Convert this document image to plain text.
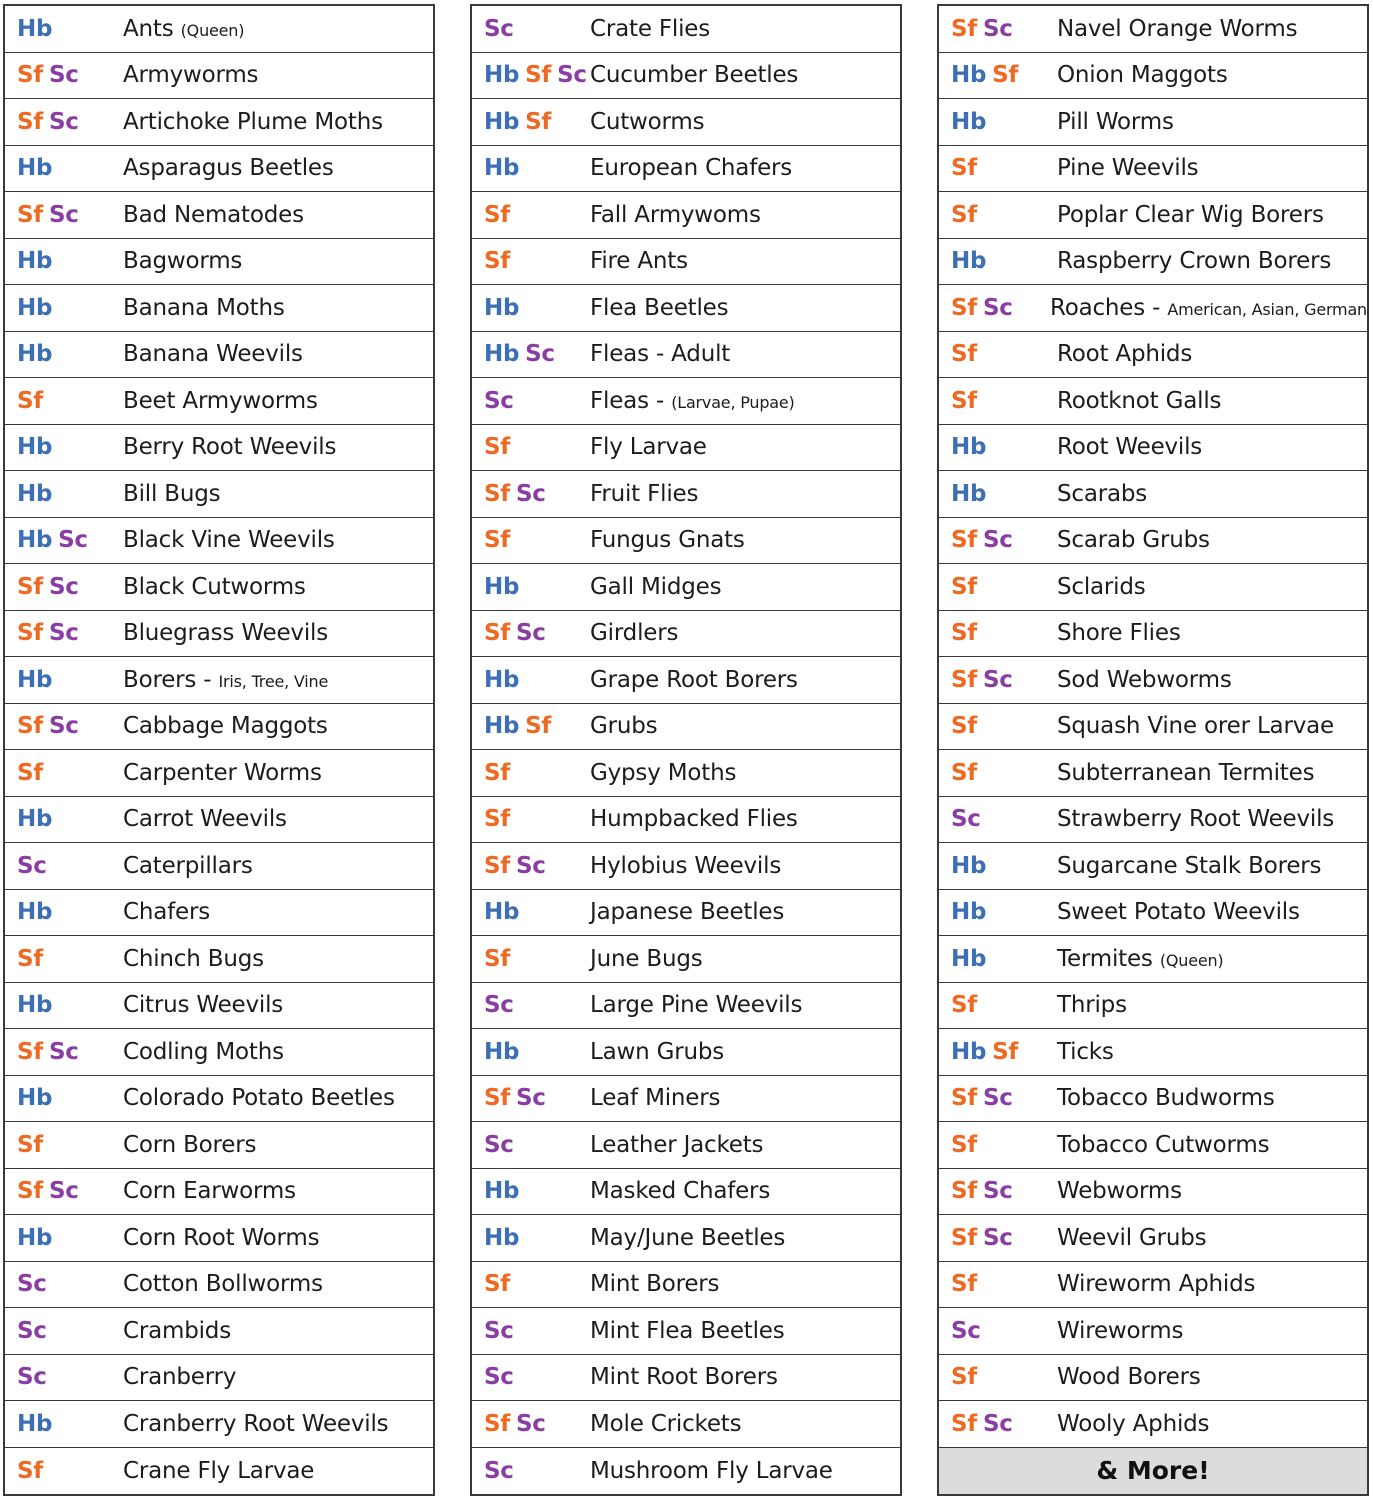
Hb	Ants (Queen)
Sf Sc	Armyworms
Sf Sc	Artichoke Plume Moths
Hb	Asparagus Beetles
Sf Sc	Bad Nematodes
Hb	Bagworms
Hb	Banana Moths
Hb	Banana Weevils
Sf	Beet Armyworms
Hb	Berry Root Weevils
Hb	Bill Bugs
Hb Sc	Black Vine Weevils
Sf Sc	Black Cutworms
Sf Sc	Bluegrass Weevils
Hb	Borers - Iris, Tree, Vine
Sf Sc	Cabbage Maggots
Sf	Carpenter Worms
Hb	Carrot Weevils
Sc	Caterpillars
Hb	Chafers
Sf	Chinch Bugs
Hb	Citrus Weevils
Sf Sc	Codling Moths
Hb	Colorado Potato Beetles
Sf	Corn Borers
Sf Sc	Corn Earworms
Hb	Corn Root Worms
Sc	Cotton Bollworms
Sc	Crambids
Sc	Cranberry
Hb	Cranberry Root Weevils
Sf	Crane Fly Larvae
Sc	Crate Flies
Hb Sf Sc Cucumber Beetles
Hb Sf	Cutworms
Hb	European Chafers
Sf	Fall Armywoms
Sf	Fire Ants
Hb	Flea Beetles
Hb Sc	Fleas - Adult
Sc	Fleas - (Larvae, Pupae)
Sf	Fly Larvae
Sf Sc	Fruit Flies
Sf	Fungus Gnats
Hb	Gall Midges
Sf Sc	Girdlers
Hb	Grape Root Borers
Hb Sf	Grubs
Sf	Gypsy Moths
Sf	Humpbacked Flies
Sf Sc	Hylobius Weevils
Hb	Japanese Beetles
Sf	June Bugs
Sc	Large Pine Weevils
Hb	Lawn Grubs
Sf Sc	Leaf Miners
Sc	Leather Jackets
Hb	Masked Chafers
Hb	May/June Beetles
Sf	Mint Borers
Sc	Mint Flea Beetles
Sc	Mint Root Borers
Sf Sc	Mole Crickets
Sc	Mushroom Fly Larvae
Sf Sc	Navel Orange Worms
Hb Sf	Onion Maggots
Hb	Pill Worms
Sf	Pine Weevils
Sf	Poplar Clear Wig Borers
Hb	Raspberry Crown Borers
Sf Sc	Roaches - American, Asian, German
Sf	Root Aphids
Sf	Rootknot Galls
Hb	Root Weevils
Hb	Scarabs
Sf Sc	Scarab Grubs
Sf	Sclarids
Sf	Shore Flies
Sf Sc	Sod Webworms
Sf	Squash Vine orer Larvae
Sf	Subterranean Termites
Sc	Strawberry Root Weevils
Hb	Sugarcane Stalk Borers
Hb	Sweet Potato Weevils
Hb	Termites (Queen)
Sf	Thrips
Hb Sf	Ticks
Sf Sc	Tobacco Budworms
Sf	Tobacco Cutworms
Sf Sc	Webworms
Sf Sc	Weevil Grubs
Sf	Wireworm Aphids
Sc	Wireworms
Sf	Wood Borers
Sf Sc	Wooly Aphids
& More!
